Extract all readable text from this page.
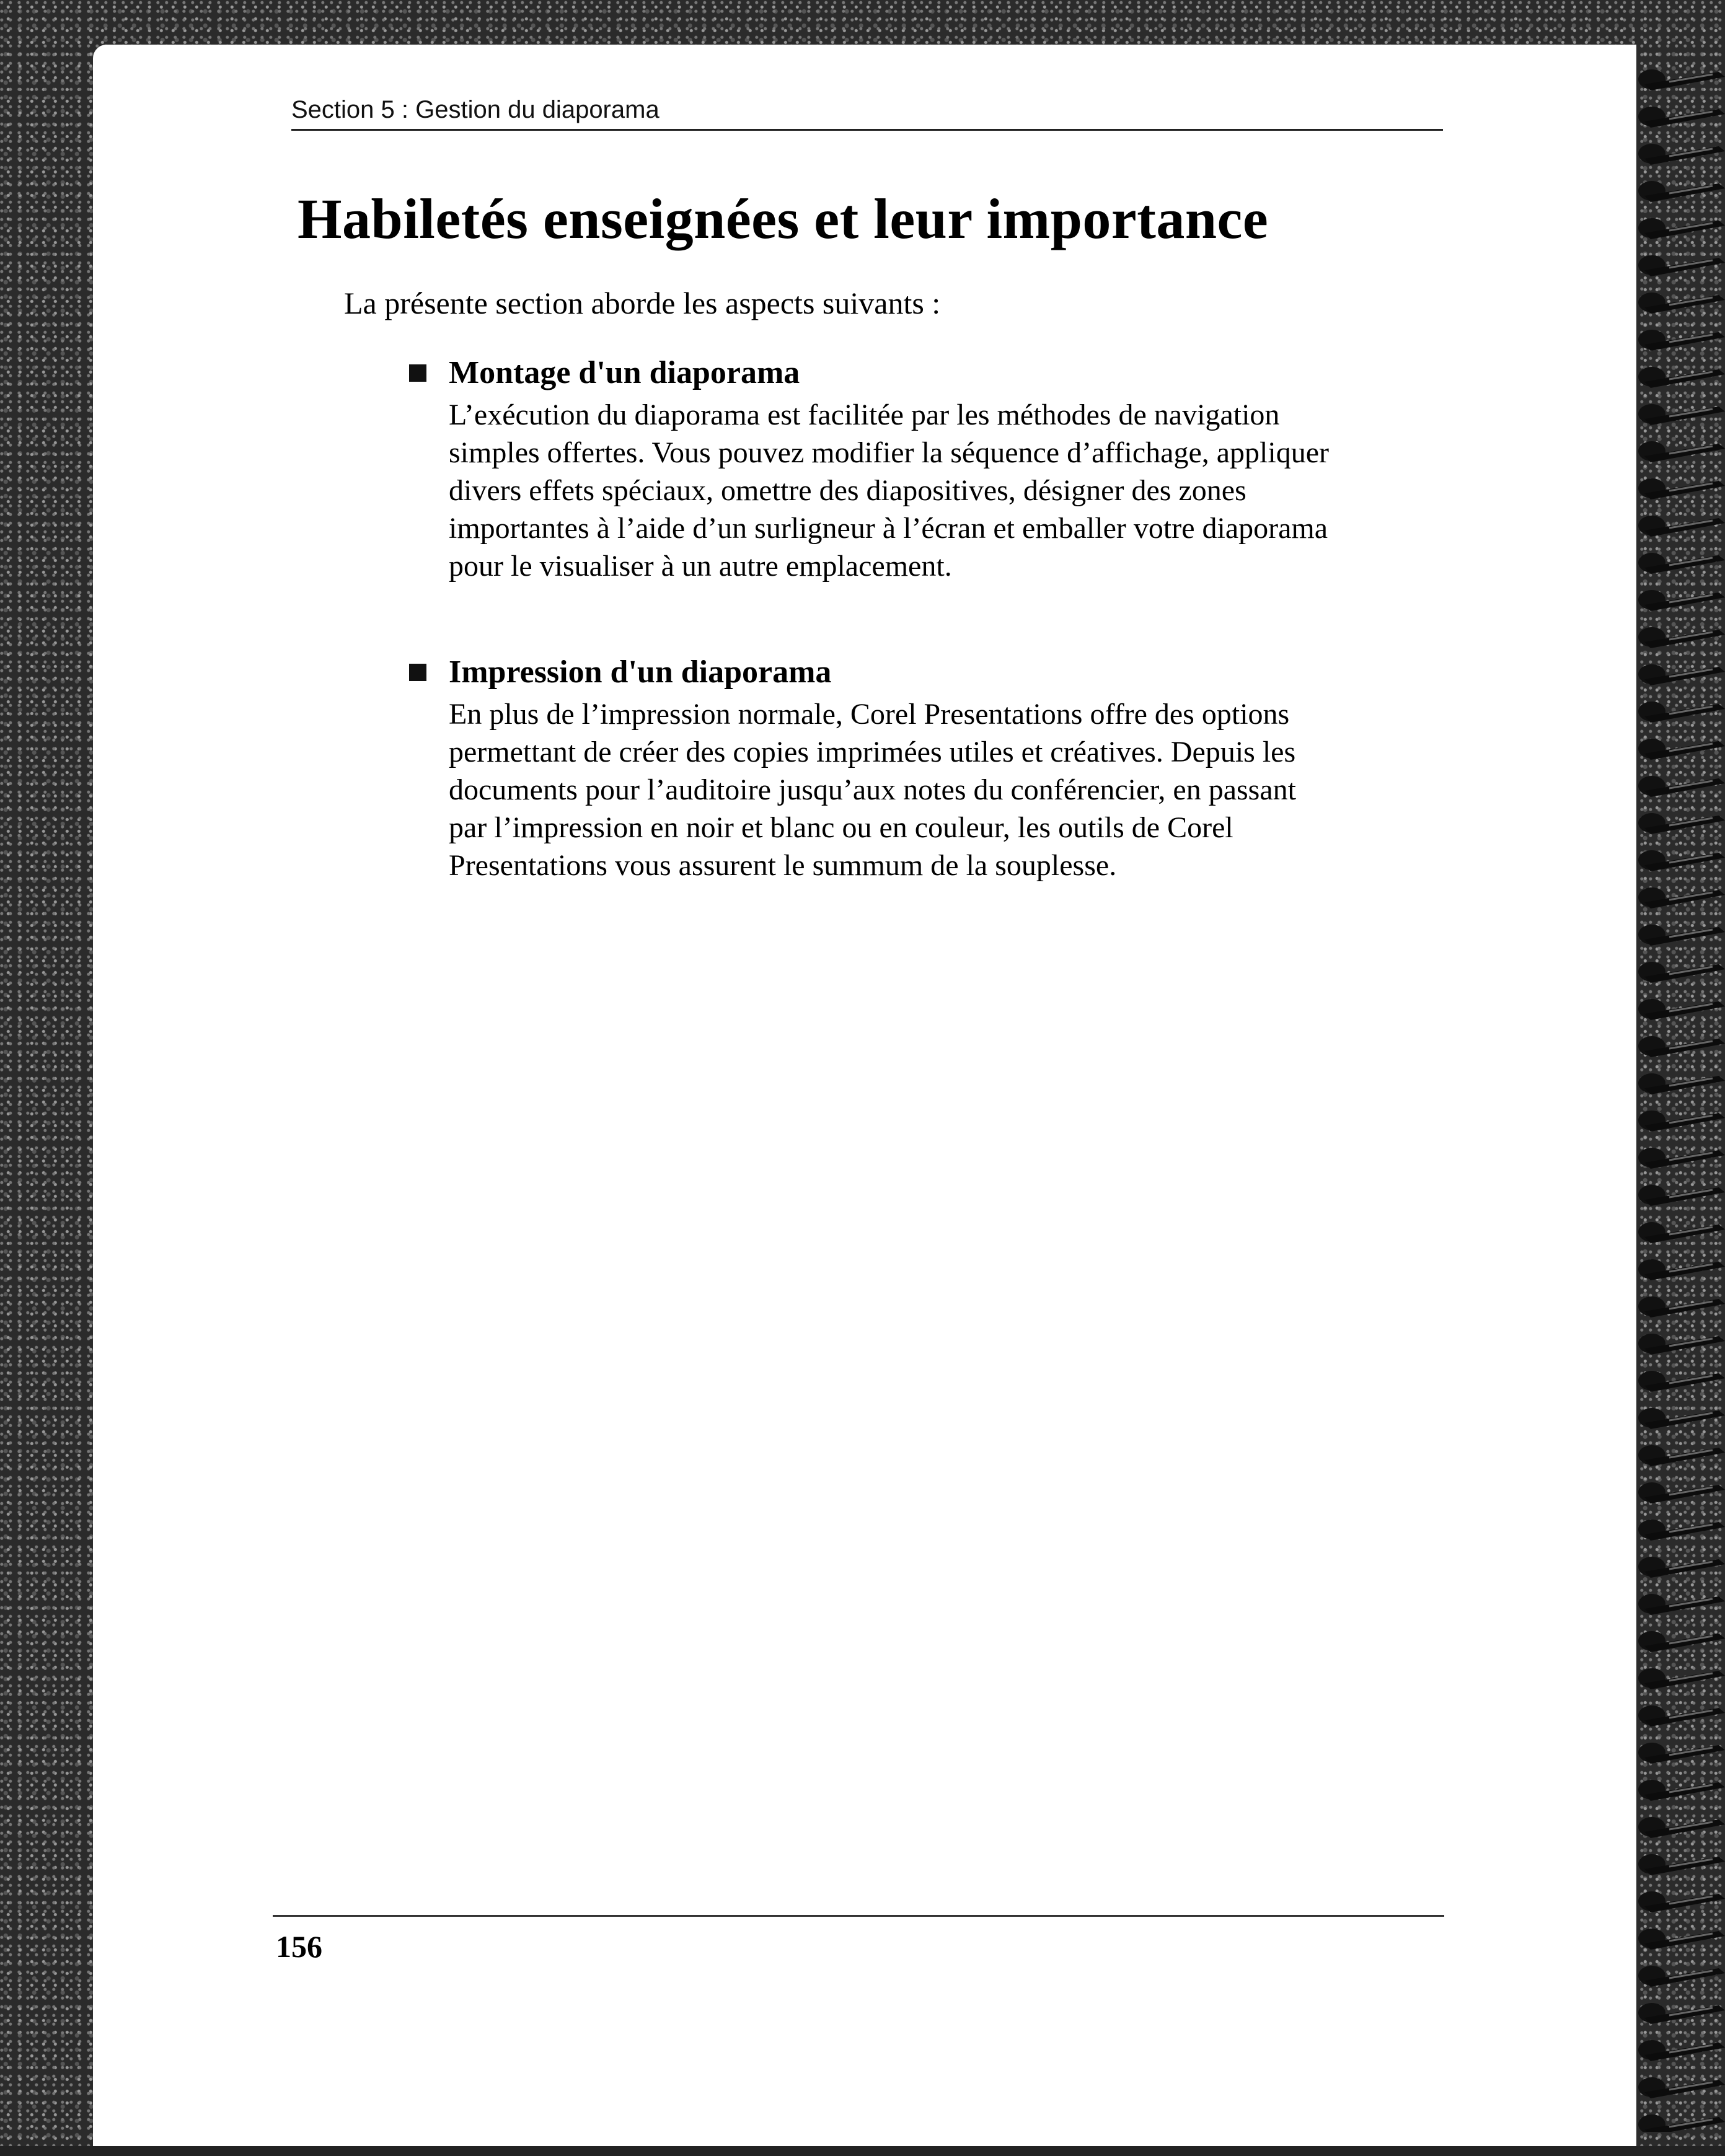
Section 5 : Gestion du diaporama
Habiletés enseignées et leur importance

La présente section aborde les aspects suivants :

Montage d'un diaporama

L’exécution du diaporama est facilitée par les méthodes de navigation simples offertes. Vous pouvez modifier la séquence d’affichage, appliquer divers effets spéciaux, omettre des diapositives, désigner des zones importantes à l’aide d’un surligneur à l’écran et emballer votre diaporama pour le visualiser à un autre emplacement.

Impression d'un diaporama

En plus de l’impression normale, Corel Presentations offre des options permettant de créer des copies imprimées utiles et créatives. Depuis les documents pour l’auditoire jusqu’aux notes du conférencier, en passant par l’impression en noir et blanc ou en couleur, les outils de Corel Presentations vous assurent le summum de la souplesse.

156
